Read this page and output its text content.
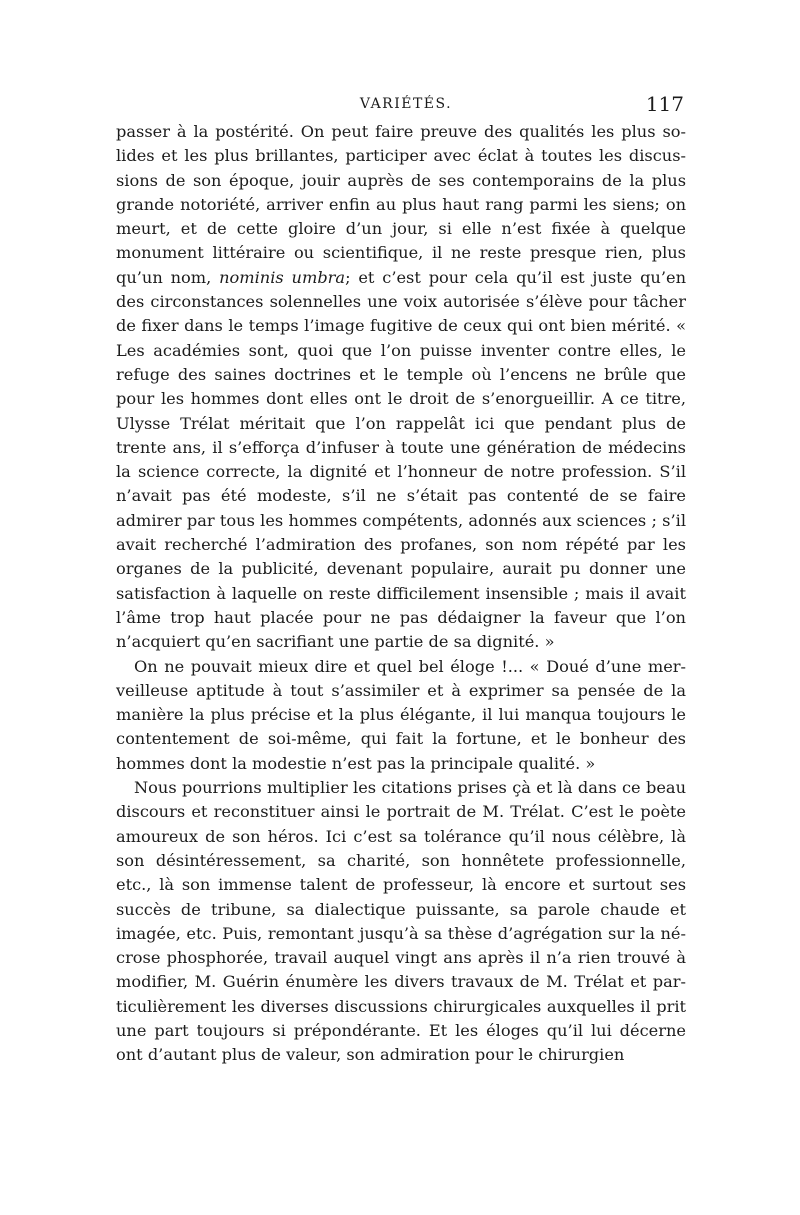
VARIÉTÉS.	117

passer à la postérité. On peut faire preuve des qualités les plus solides et les plus brillantes, participer avec éclat à toutes les discussions de son époque, jouir auprès de ses contemporains de la plus grande notoriété, arriver enfin au plus haut rang parmi les siens; on meurt, et de cette gloire d’un jour, si elle n’est fixée à quelque monument littéraire ou scientifique, il ne reste presque rien, plus qu’un nom, nominis umbra; et c’est pour cela qu’il est juste qu’en des circonstances solennelles une voix autorisée s’élève pour tâcher de fixer dans le temps l’image fugitive de ceux qui ont bien mérité. « Les académies sont, quoi que l’on puisse inventer contre elles, le refuge des saines doctrines et le temple où l’encens ne brûle que pour les hommes dont elles ont le droit de s’enorgueillir. A ce titre, Ulysse Trélat méritait que l’on rappelât ici que pendant plus de trente ans, il s’efforça d’infuser à toute une génération de médecins la science correcte, la dignité et l’honneur de notre profession. S’il n’avait pas été modeste, s’il ne s’était pas contenté de se faire admirer par tous les hommes compétents, adonnés aux sciences ; s’il avait recherché l’admiration des profanes, son nom répété par les organes de la publicité, devenant populaire, aurait pu donner une satisfaction à laquelle on reste difficilement insensible ; mais il avait l’âme trop haut placée pour ne pas dédaigner la faveur que l’on n’acquiert qu’en sacrifiant une partie de sa dignité. »

On ne pouvait mieux dire et quel bel éloge !... « Doué d’une merveilleuse aptitude à tout s’assimiler et à exprimer sa pensée de la manière la plus précise et la plus élégante, il lui manqua toujours le contentement de soi-même, qui fait la fortune, et le bonheur des hommes dont la modestie n’est pas la principale qualité. »

Nous pourrions multiplier les citations prises çà et là dans ce beau discours et reconstituer ainsi le portrait de M. Trélat. C’est le poète amoureux de son héros. Ici c’est sa tolérance qu’il nous célèbre, là son désintéressement, sa charité, son honnêtete professionnelle, etc., là son immense talent de professeur, là encore et surtout ses succès de tribune, sa dialectique puissante, sa parole chaude et imagée, etc. Puis, remontant jusqu’à sa thèse d’agrégation sur la nécrose phosphorée, travail auquel vingt ans après il n’a rien trouvé à modifier, M. Guérin énumère les divers travaux de M. Trélat et particulièrement les diverses discussions chirurgicales auxquelles il prit une part toujours si prépondérante. Et les éloges qu’il lui décerne ont d’autant plus de valeur, son admiration pour le chirurgien
